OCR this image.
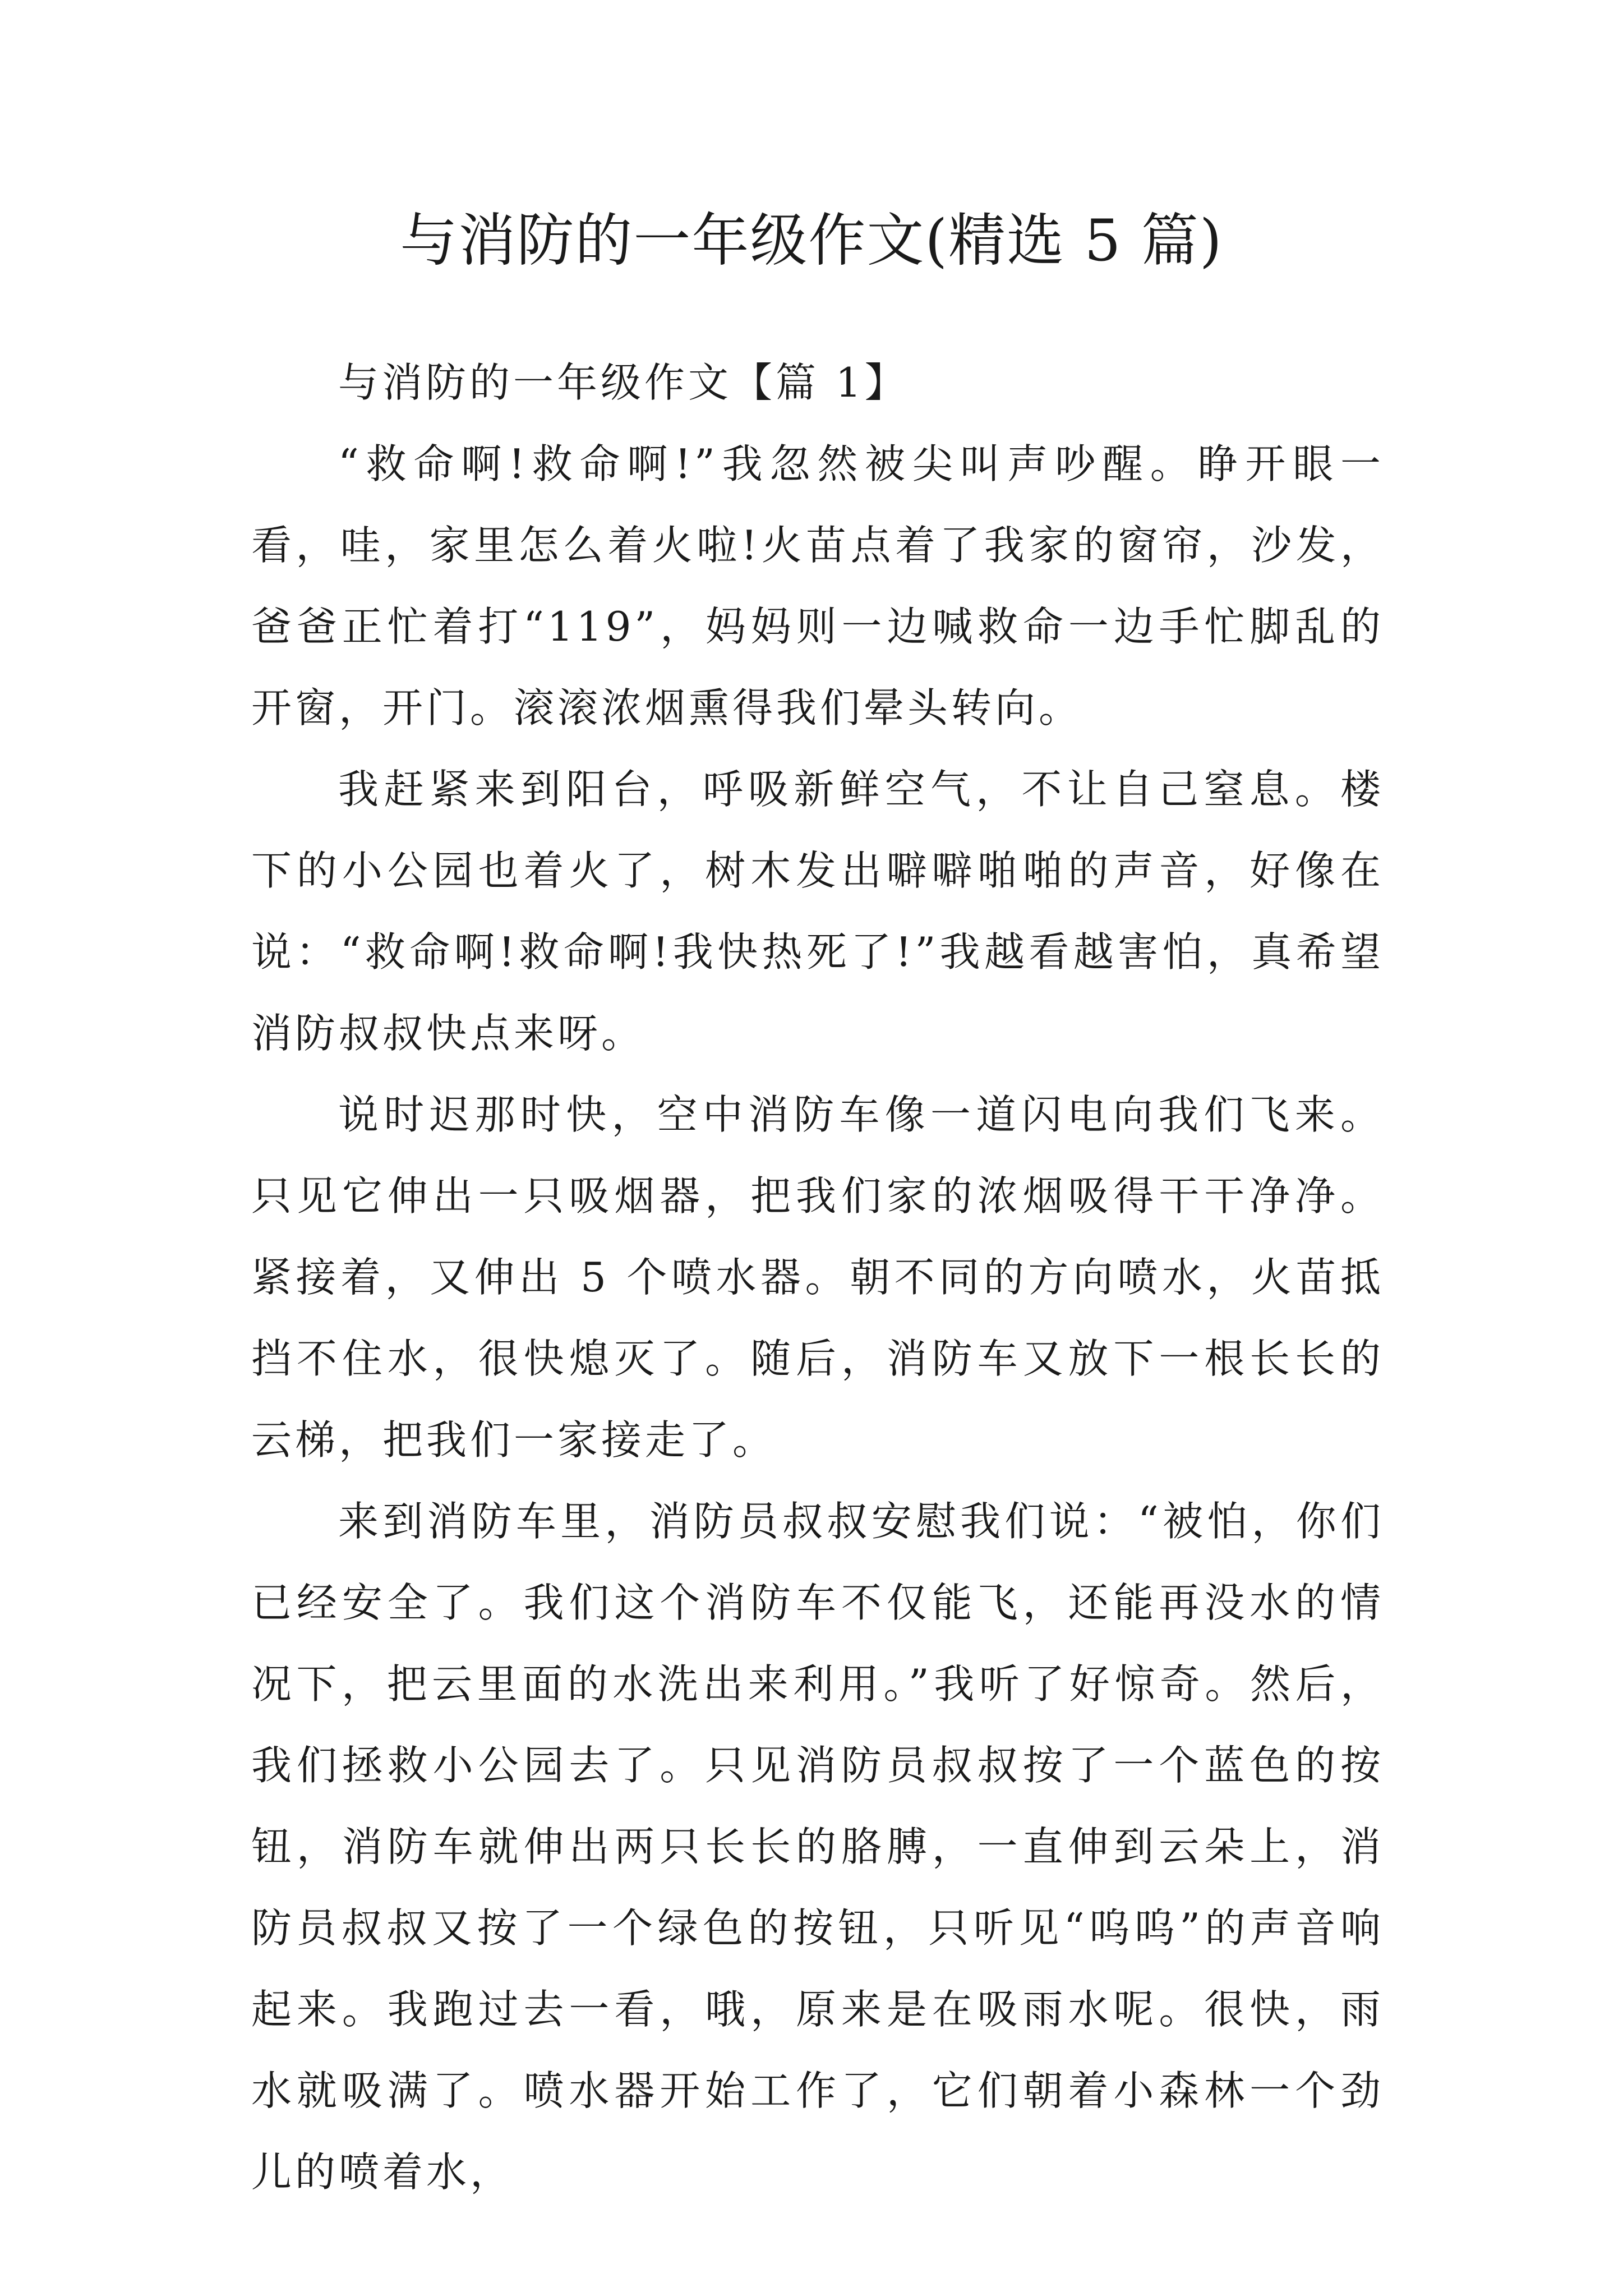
与消防的一年级作文(精选 5 篇)

与消防的一年级作文【篇 1】

“救命啊!救命啊!”我忽然被尖叫声吵醒。睁开眼一看，哇，家里怎么着火啦!火苗点着了我家的窗帘，沙发，爸爸正忙着打“119”，妈妈则一边喊救命一边手忙脚乱的开窗，开门。滚滚浓烟熏得我们晕头转向。

我赶紧来到阳台，呼吸新鲜空气，不让自己窒息。楼下的小公园也着火了，树木发出噼噼啪啪的声音，好像在说：“救命啊!救命啊!我快热死了!”我越看越害怕，真希望消防叔叔快点来呀。

说时迟那时快，空中消防车像一道闪电向我们飞来。只见它伸出一只吸烟器，把我们家的浓烟吸得干干净净。紧接着，又伸出 5 个喷水器。朝不同的方向喷水，火苗抵挡不住水，很快熄灭了。随后，消防车又放下一根长长的云梯，把我们一家接走了。

来到消防车里，消防员叔叔安慰我们说：“被怕，你们已经安全了。我们这个消防车不仅能飞，还能再没水的情况下，把云里面的水洗出来利用。”我听了好惊奇。然后，我们拯救小公园去了。只见消防员叔叔按了一个蓝色的按钮，消防车就伸出两只长长的胳膊，一直伸到云朵上，消防员叔叔又按了一个绿色的按钮，只听见“呜呜”的声音响起来。我跑过去一看，哦，原来是在吸雨水呢。很快，雨水就吸满了。喷水器开始工作了，它们朝着小森林一个劲儿的喷着水，
